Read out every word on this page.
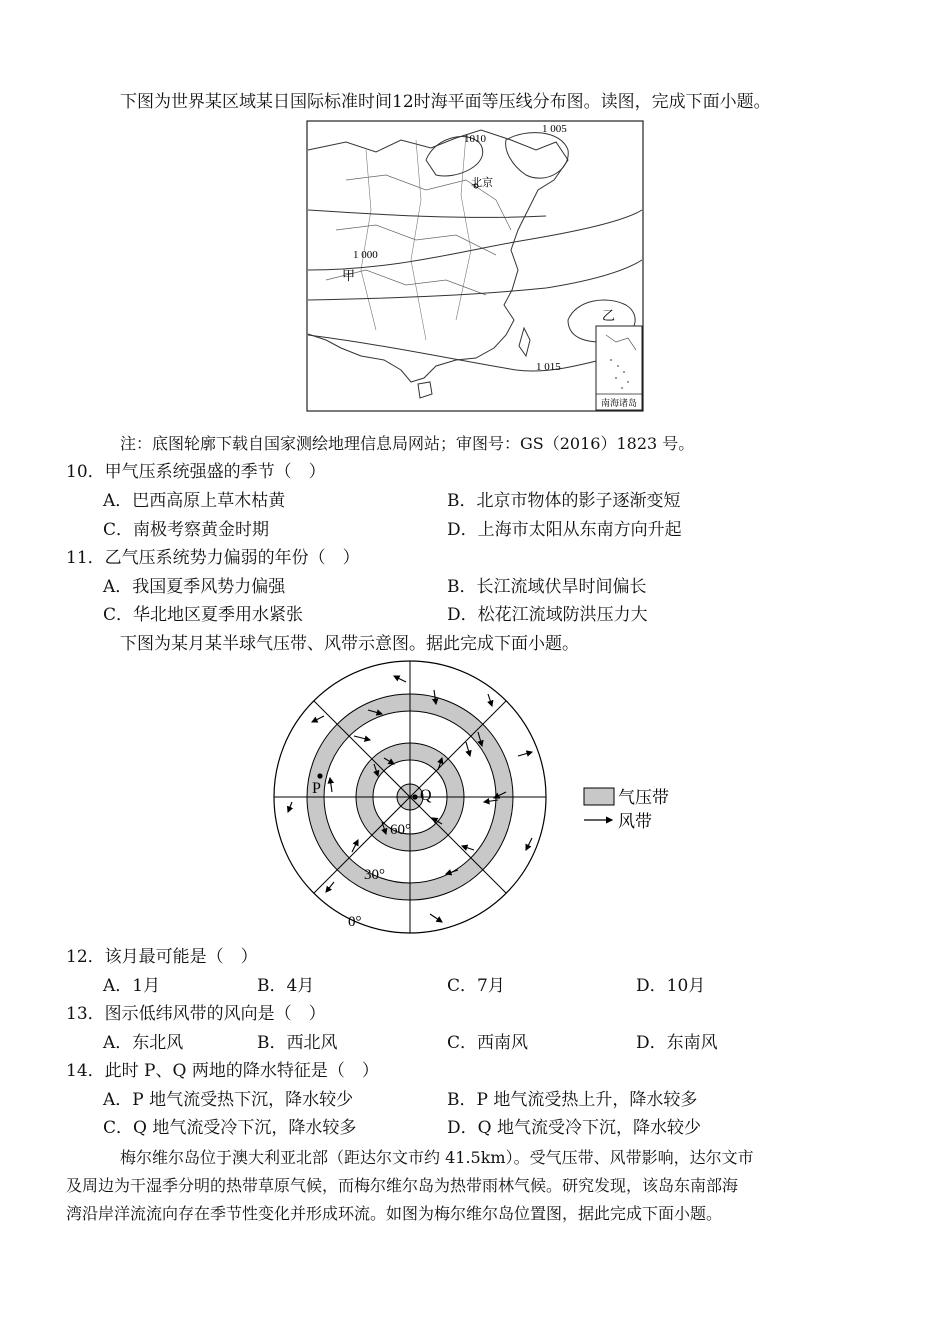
下图为世界某区域某日国际标准时间12时海平面等压线分布图。读图，完成下面小题。
南海诸岛
北京
甲
乙
1010
1 005
1 000
1 015
注：底图轮廓下载自国家测绘地理信息局网站；审图号：GS（2016）1823 号。
10．甲气压系统强盛的季节（　）
A．巴西高原上草木枯黄	B．北京市物体的影子逐渐变短
C．南极考察黄金时期	D．上海市太阳从东南方向升起
11．乙气压系统势力偏弱的年份（　）
A．我国夏季风势力偏强	B．长江流域伏旱时间偏长
C．华北地区夏季用水紧张	D．松花江流域防洪压力大
下图为某月某半球气压带、风带示意图。据此完成下面小题。
P	Q
60°
30°
0°
气压带
风带
12．该月最可能是（　）
A．1月	B．4月	C．7月	D．10月
13．图示低纬风带的风向是（　）
A．东北风	B．西北风	C．西南风	D．东南风
14．此时 P、Q 两地的降水特征是（　）
A．P 地气流受热下沉，降水较少	B．P 地气流受热上升，降水较多
C．Q 地气流受冷下沉，降水较多	D．Q 地气流受冷下沉，降水较少
梅尔维尔岛位于澳大利亚北部（距达尔文市约 41.5km）。受气压带、风带影响，达尔文市
及周边为干湿季分明的热带草原气候，而梅尔维尔岛为热带雨林气候。研究发现，该岛东南部海
湾沿岸洋流流向存在季节性变化并形成环流。如图为梅尔维尔岛位置图，据此完成下面小题。
